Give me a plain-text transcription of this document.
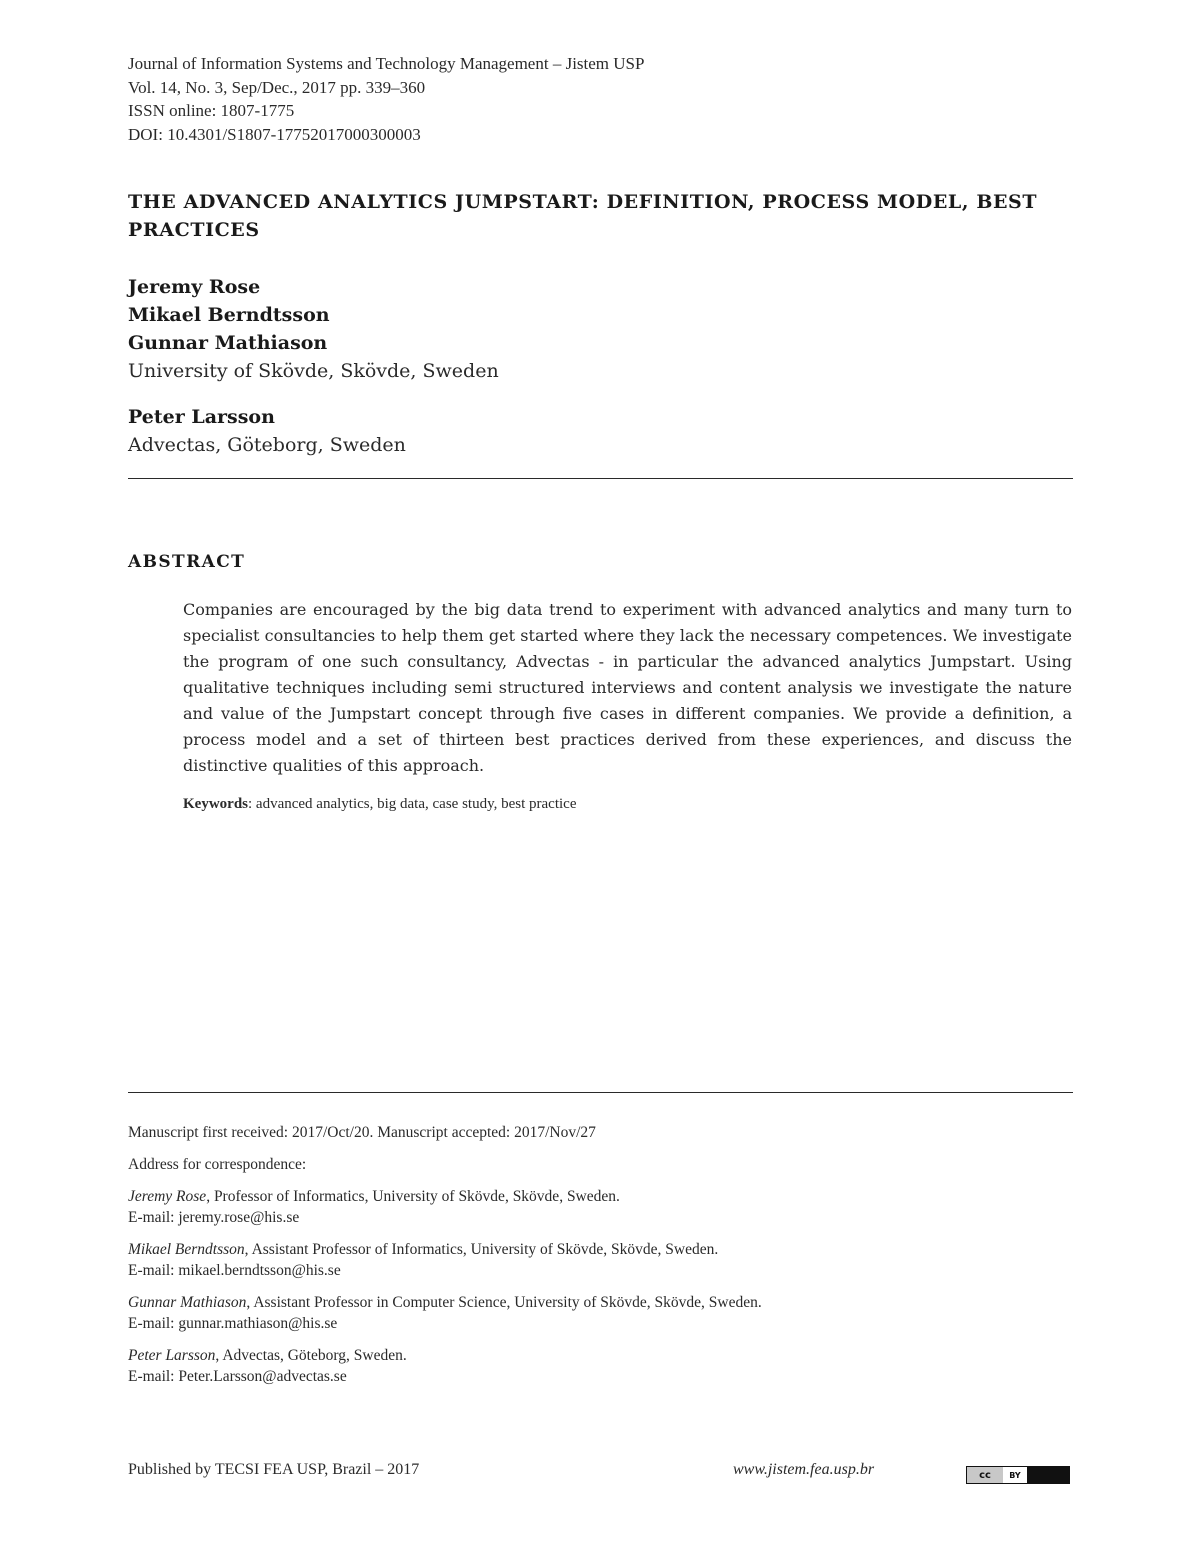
Journal of Information Systems and Technology Management – Jistem USP
Vol. 14, No. 3, Sep/Dec., 2017 pp. 339–360
ISSN online: 1807-1775
DOI: 10.4301/S1807-17752017000300003
THE ADVANCED ANALYTICS JUMPSTART: DEFINITION, PROCESS MODEL, BEST PRACTICES
Jeremy Rose
Mikael Berndtsson
Gunnar Mathiason
University of Skövde, Skövde, Sweden
Peter Larsson
Advectas, Göteborg, Sweden
ABSTRACT
Companies are encouraged by the big data trend to experiment with advanced analytics and many turn to specialist consultancies to help them get started where they lack the necessary competences. We investigate the program of one such consultancy, Advectas - in particular the advanced analytics Jumpstart. Using qualitative techniques including semi structured interviews and content analysis we investigate the nature and value of the Jumpstart concept through five cases in different companies. We provide a definition, a process model and a set of thirteen best practices derived from these experiences, and discuss the distinctive qualities of this approach.
Keywords: advanced analytics, big data, case study, best practice
Manuscript first received: 2017/Oct/20. Manuscript accepted: 2017/Nov/27
Address for correspondence:
Jeremy Rose, Professor of Informatics, University of Skövde, Skövde, Sweden.
E-mail: jeremy.rose@his.se
Mikael Berndtsson, Assistant Professor of Informatics, University of Skövde, Skövde, Sweden.
E-mail: mikael.berndtsson@his.se
Gunnar Mathiason, Assistant Professor in Computer Science, University of Skövde, Skövde, Sweden.
E-mail: gunnar.mathiason@his.se
Peter Larsson, Advectas, Göteborg, Sweden.
E-mail: Peter.Larsson@advectas.se
Published by TECSI FEA USP, Brazil – 2017	www.jistem.fea.usp.br	cc	BY
